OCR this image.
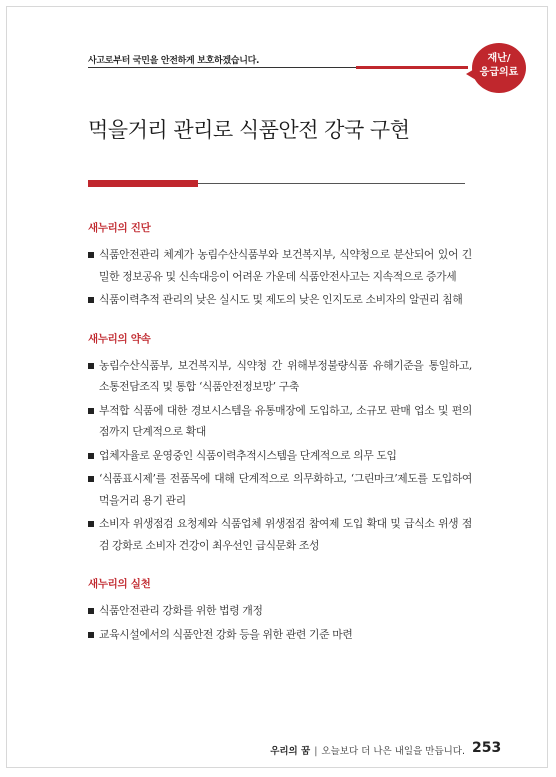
사고로부터 국민을 안전하게 보호하겠습니다.	재난/
응급의료
먹을거리 관리로 식품안전 강국 구현
새누리의 진단
식품안전관리 체계가 농림수산식품부와 보건복지부, 식약청으로 분산되어 있어 긴밀한 정보공유 및 신속대응이 어려운 가운데 식품안전사고는 지속적으로 증가세
식품이력추적 관리의 낮은 실시도 및 제도의 낮은 인지도로 소비자의 알권리 침해
새누리의 약속
농림수산식품부, 보건복지부, 식약청 간 위해부정불량식품 유해기준을 통일하고, 소통전담조직 및 통합 ‘식품안전정보망’ 구축
부적합 식품에 대한 경보시스템을 유통매장에 도입하고, 소규모 판매 업소 및 편의점까지 단계적으로 확대
업체자율로 운영중인 식품이력추적시스템을 단계적으로 의무 도입
‘식품표시제’를 전품목에 대해 단계적으로 의무화하고, ‘그린마크’제도를 도입하여 먹을거리 용기 관리
소비자 위생점검 요청제와 식품업체 위생점검 참여제 도입 확대 및 급식소 위생 점검 강화로 소비자 건강이 최우선인 급식문화 조성
새누리의 실천
식품안전관리 강화를 위한 법령 개정
교육시설에서의 식품안전 강화 등을 위한 관련 기준 마련
우리의 꿈 | 오늘보다 더 나은 내일을 만듭니다. 253
